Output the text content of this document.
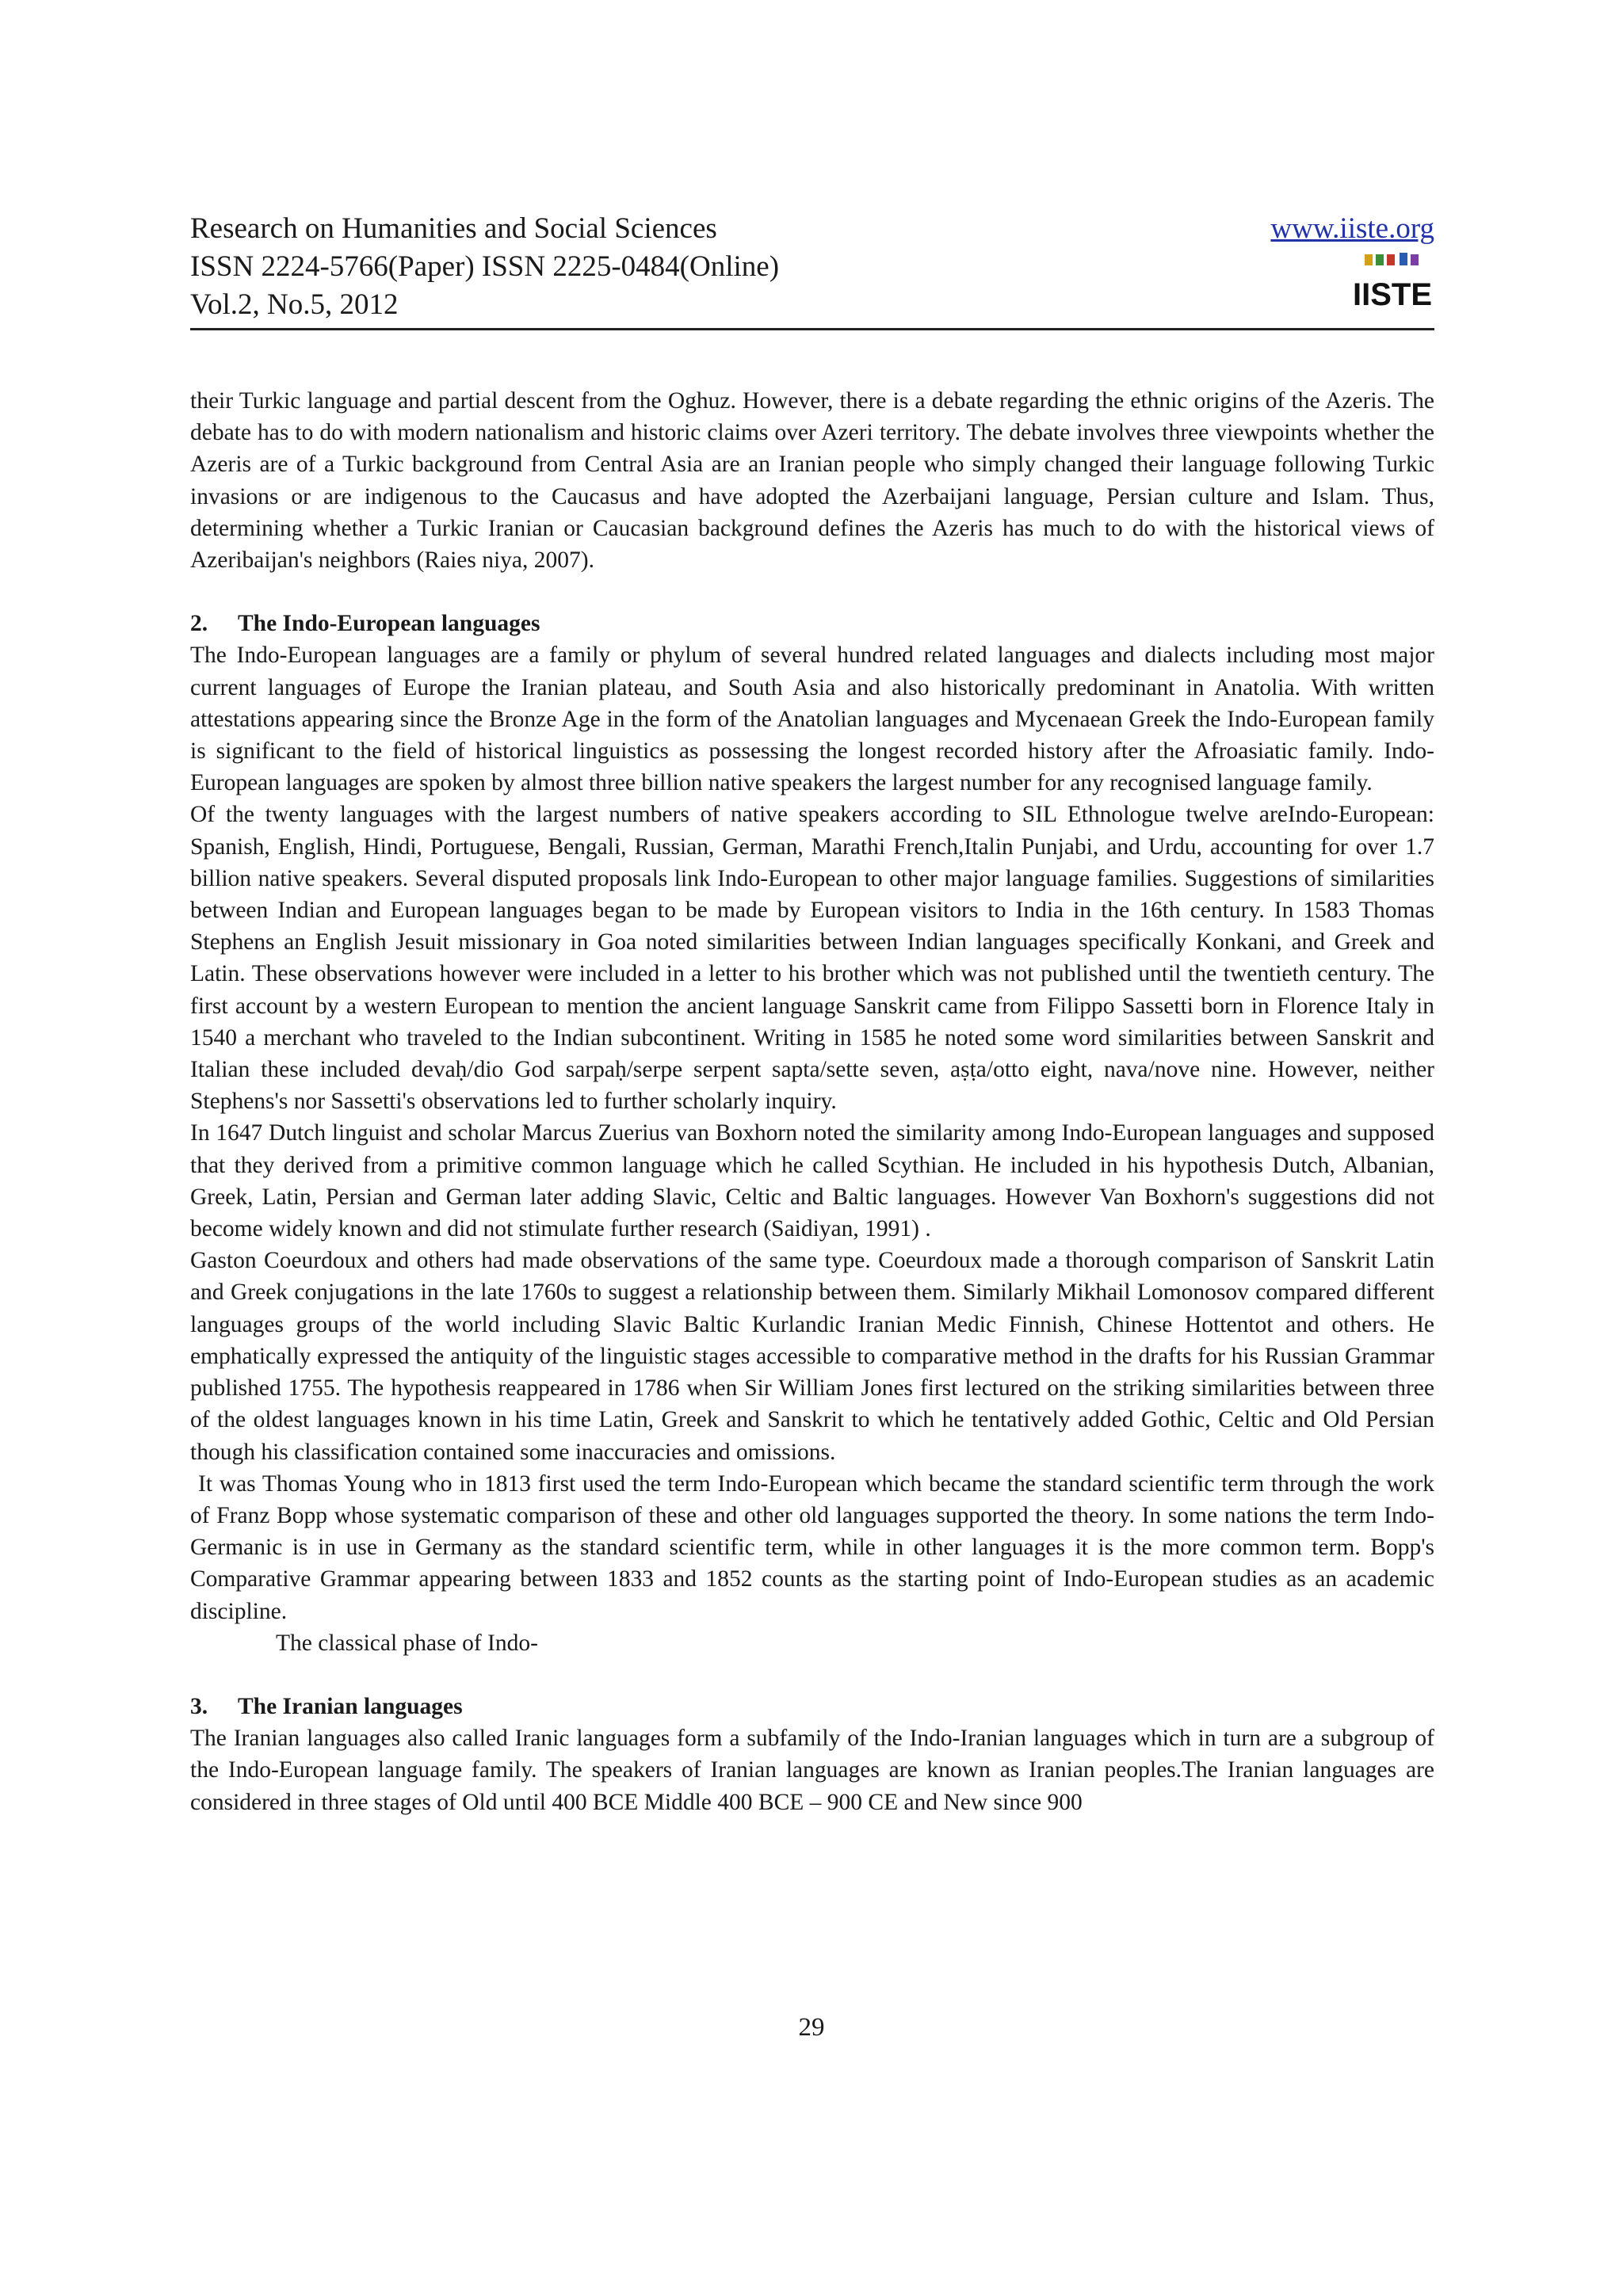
Research on Humanities and Social Sciences
ISSN 2224-5766(Paper) ISSN 2225-0484(Online)
Vol.2, No.5, 2012
www.iiste.org
IISTE

their Turkic language and partial descent from the Oghuz. However, there is a debate regarding the ethnic origins of the Azeris. The debate has to do with modern nationalism and historic claims over Azeri territory. The debate involves three viewpoints whether the Azeris are of a Turkic background from Central Asia are an Iranian people who simply changed their language following Turkic invasions or are indigenous to the Caucasus and have adopted the Azerbaijani language, Persian culture and Islam. Thus, determining whether a Turkic Iranian or Caucasian background defines the Azeris has much to do with the historical views of Azeribaijan's neighbors (Raies niya, 2007).

2. The Indo-European languages

The Indo-European languages are a family or phylum of several hundred related languages and dialects including most major current languages of Europe the Iranian plateau, and South Asia and also historically predominant in Anatolia. With written attestations appearing since the Bronze Age in the form of the Anatolian languages and Mycenaean Greek the Indo-European family is significant to the field of historical linguistics as possessing the longest recorded history after the Afroasiatic family. Indo-European languages are spoken by almost three billion native speakers the largest number for any recognised language family.

Of the twenty languages with the largest numbers of native speakers according to SIL Ethnologue twelve areIndo-European: Spanish, English, Hindi, Portuguese, Bengali, Russian, German, Marathi French,Italin Punjabi, and Urdu, accounting for over 1.7 billion native speakers. Several disputed proposals link Indo-European to other major language families. Suggestions of similarities between Indian and European languages began to be made by European visitors to India in the 16th century. In 1583 Thomas Stephens an English Jesuit missionary in Goa noted similarities between Indian languages specifically Konkani, and Greek and Latin. These observations however were included in a letter to his brother which was not published until the twentieth century. The first account by a western European to mention the ancient language Sanskrit came from Filippo Sassetti born in Florence Italy in 1540 a merchant who traveled to the Indian subcontinent. Writing in 1585 he noted some word similarities between Sanskrit and Italian these included devaḥ/dio God sarpaḥ/serpe serpent sapta/sette seven, aṣṭa/otto eight, nava/nove nine. However, neither Stephens's nor Sassetti's observations led to further scholarly inquiry.

In 1647 Dutch linguist and scholar Marcus Zuerius van Boxhorn noted the similarity among Indo-European languages and supposed that they derived from a primitive common language which he called Scythian. He included in his hypothesis Dutch, Albanian, Greek, Latin, Persian and German later adding Slavic, Celtic and Baltic languages. However Van Boxhorn's suggestions did not become widely known and did not stimulate further research (Saidiyan, 1991) .

Gaston Coeurdoux and others had made observations of the same type. Coeurdoux made a thorough comparison of Sanskrit Latin and Greek conjugations in the late 1760s to suggest a relationship between them. Similarly Mikhail Lomonosov compared different languages groups of the world including Slavic Baltic Kurlandic Iranian Medic Finnish, Chinese Hottentot and others. He emphatically expressed the antiquity of the linguistic stages accessible to comparative method in the drafts for his Russian Grammar published 1755. The hypothesis reappeared in 1786 when Sir William Jones first lectured on the striking similarities between three of the oldest languages known in his time Latin, Greek and Sanskrit to which he tentatively added Gothic, Celtic and Old Persian though his classification contained some inaccuracies and omissions.

It was Thomas Young who in 1813 first used the term Indo-European which became the standard scientific term through the work of Franz Bopp whose systematic comparison of these and other old languages supported the theory. In some nations the term Indo-Germanic is in use in Germany as the standard scientific term, while in other languages it is the more common term. Bopp's Comparative Grammar appearing between 1833 and 1852 counts as the starting point of Indo-European studies as an academic

discipline.

The classical phase of Indo-

3. The Iranian languages

The Iranian languages also called Iranic languages form a subfamily of the Indo-Iranian languages which in turn are a subgroup of the Indo-European language family. The speakers of Iranian languages are known as Iranian peoples.The Iranian languages are considered in three stages of Old until 400 BCE Middle 400 BCE – 900 CE and New since 900

29
